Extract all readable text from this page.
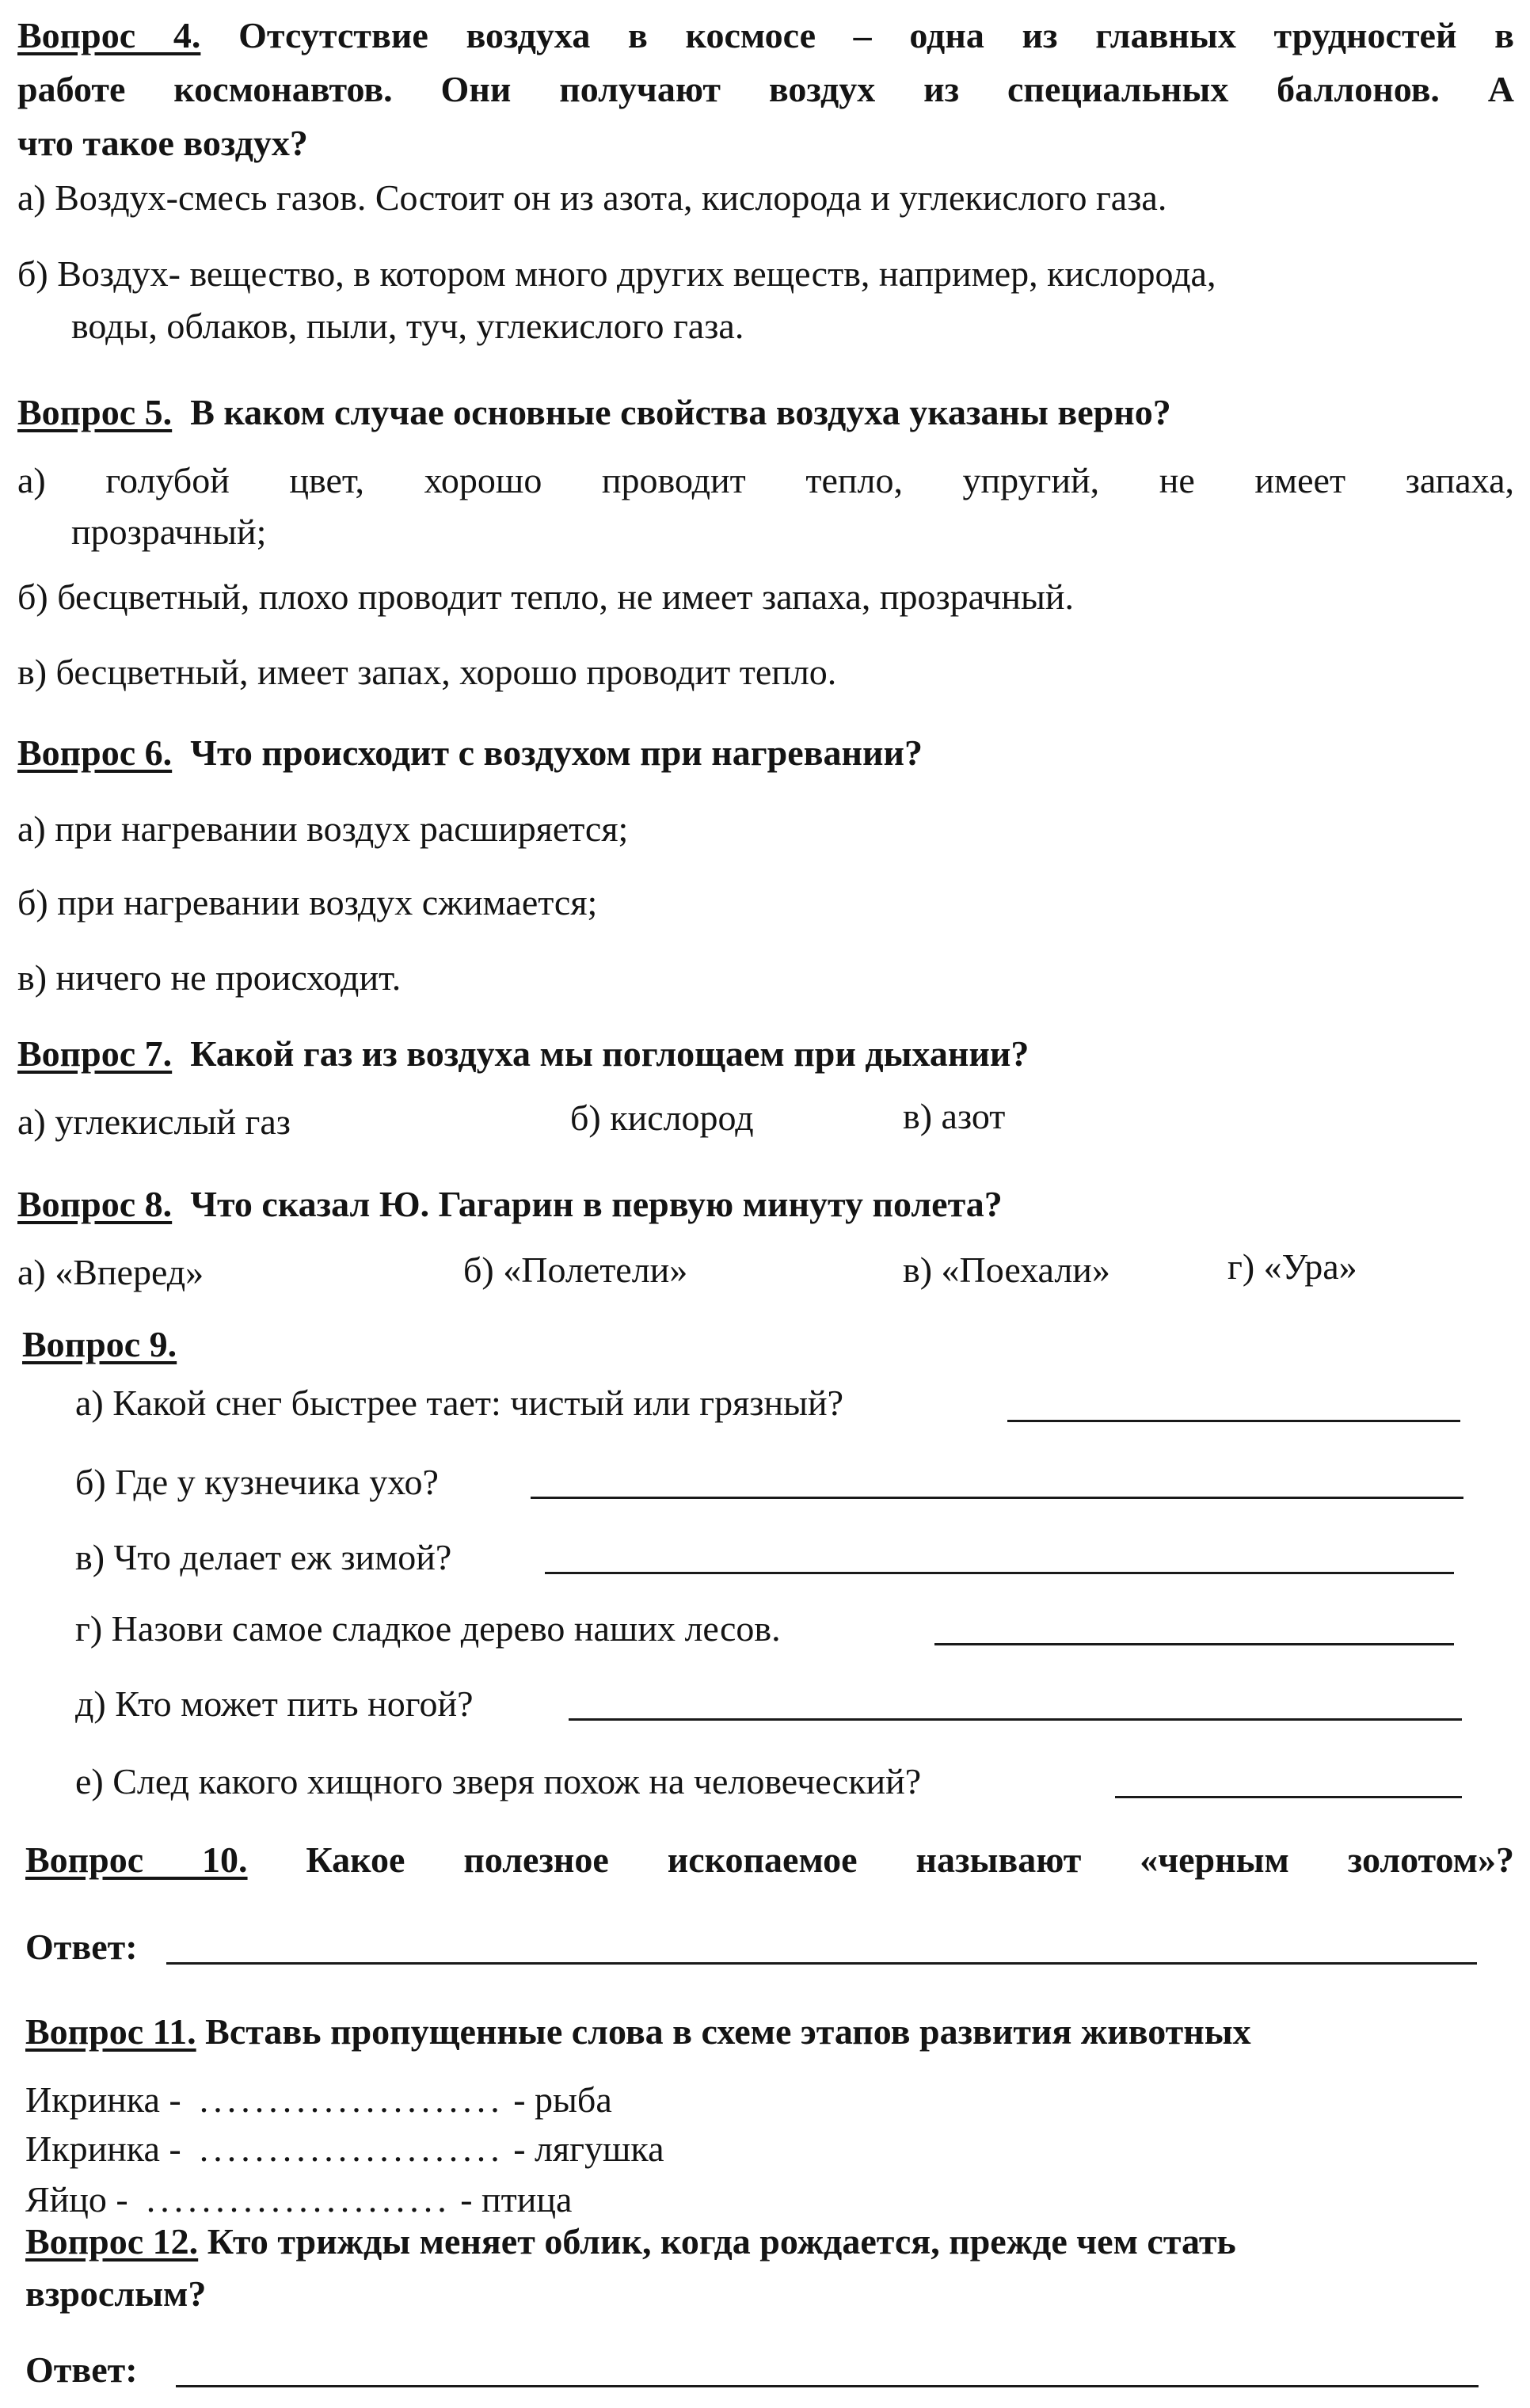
Вопрос 4. Отсутствие воздуха в космосе – одна из главных трудностей в
работе космонавтов. Они получают воздух из специальных баллонов. А
что такое воздух?
а) Воздух-смесь газов. Состоит он из азота, кислорода и углекислого газа.
б) Воздух- вещество, в котором много других веществ, например, кислорода,
воды, облаков, пыли, туч, углекислого газа.
Вопрос 5. В каком случае основные свойства воздуха указаны верно?
а) голубой цвет, хорошо проводит тепло, упругий, не имеет запаха,
прозрачный;
б) бесцветный, плохо проводит тепло, не имеет запаха, прозрачный.
в) бесцветный, имеет запах, хорошо проводит тепло.
Вопрос 6. Что происходит с воздухом при нагревании?
а) при нагревании воздух расширяется;
б) при нагревании воздух сжимается;
в) ничего не происходит.
Вопрос 7. Какой газ из воздуха мы поглощаем при дыхании?
а) углекислый газ	б) кислород	в) азот
Вопрос 8. Что сказал Ю. Гагарин в первую минуту полета?
а) «Вперед»	б) «Полетели»	в) «Поехали»	г) «Ура»
Вопрос 9.
а) Какой снег быстрее тает: чистый или грязный?
б) Где у кузнечика ухо?
в) Что делает еж зимой?
г) Назови самое сладкое дерево наших лесов.
д) Кто может пить ногой?
е) След какого хищного зверя похож на человеческий?
Вопрос 10. Какое полезное ископаемое называют «черным золотом»?
Ответ:
Вопрос 11. Вставь пропущенные слова в схеме этапов развития животных
Икринка - ...................... - рыба
Икринка - ...................... - лягушка
Яйцо - ...................... - птица
Вопрос 12. Кто трижды меняет облик, когда рождается, прежде чем стать
взрослым?
Ответ:
